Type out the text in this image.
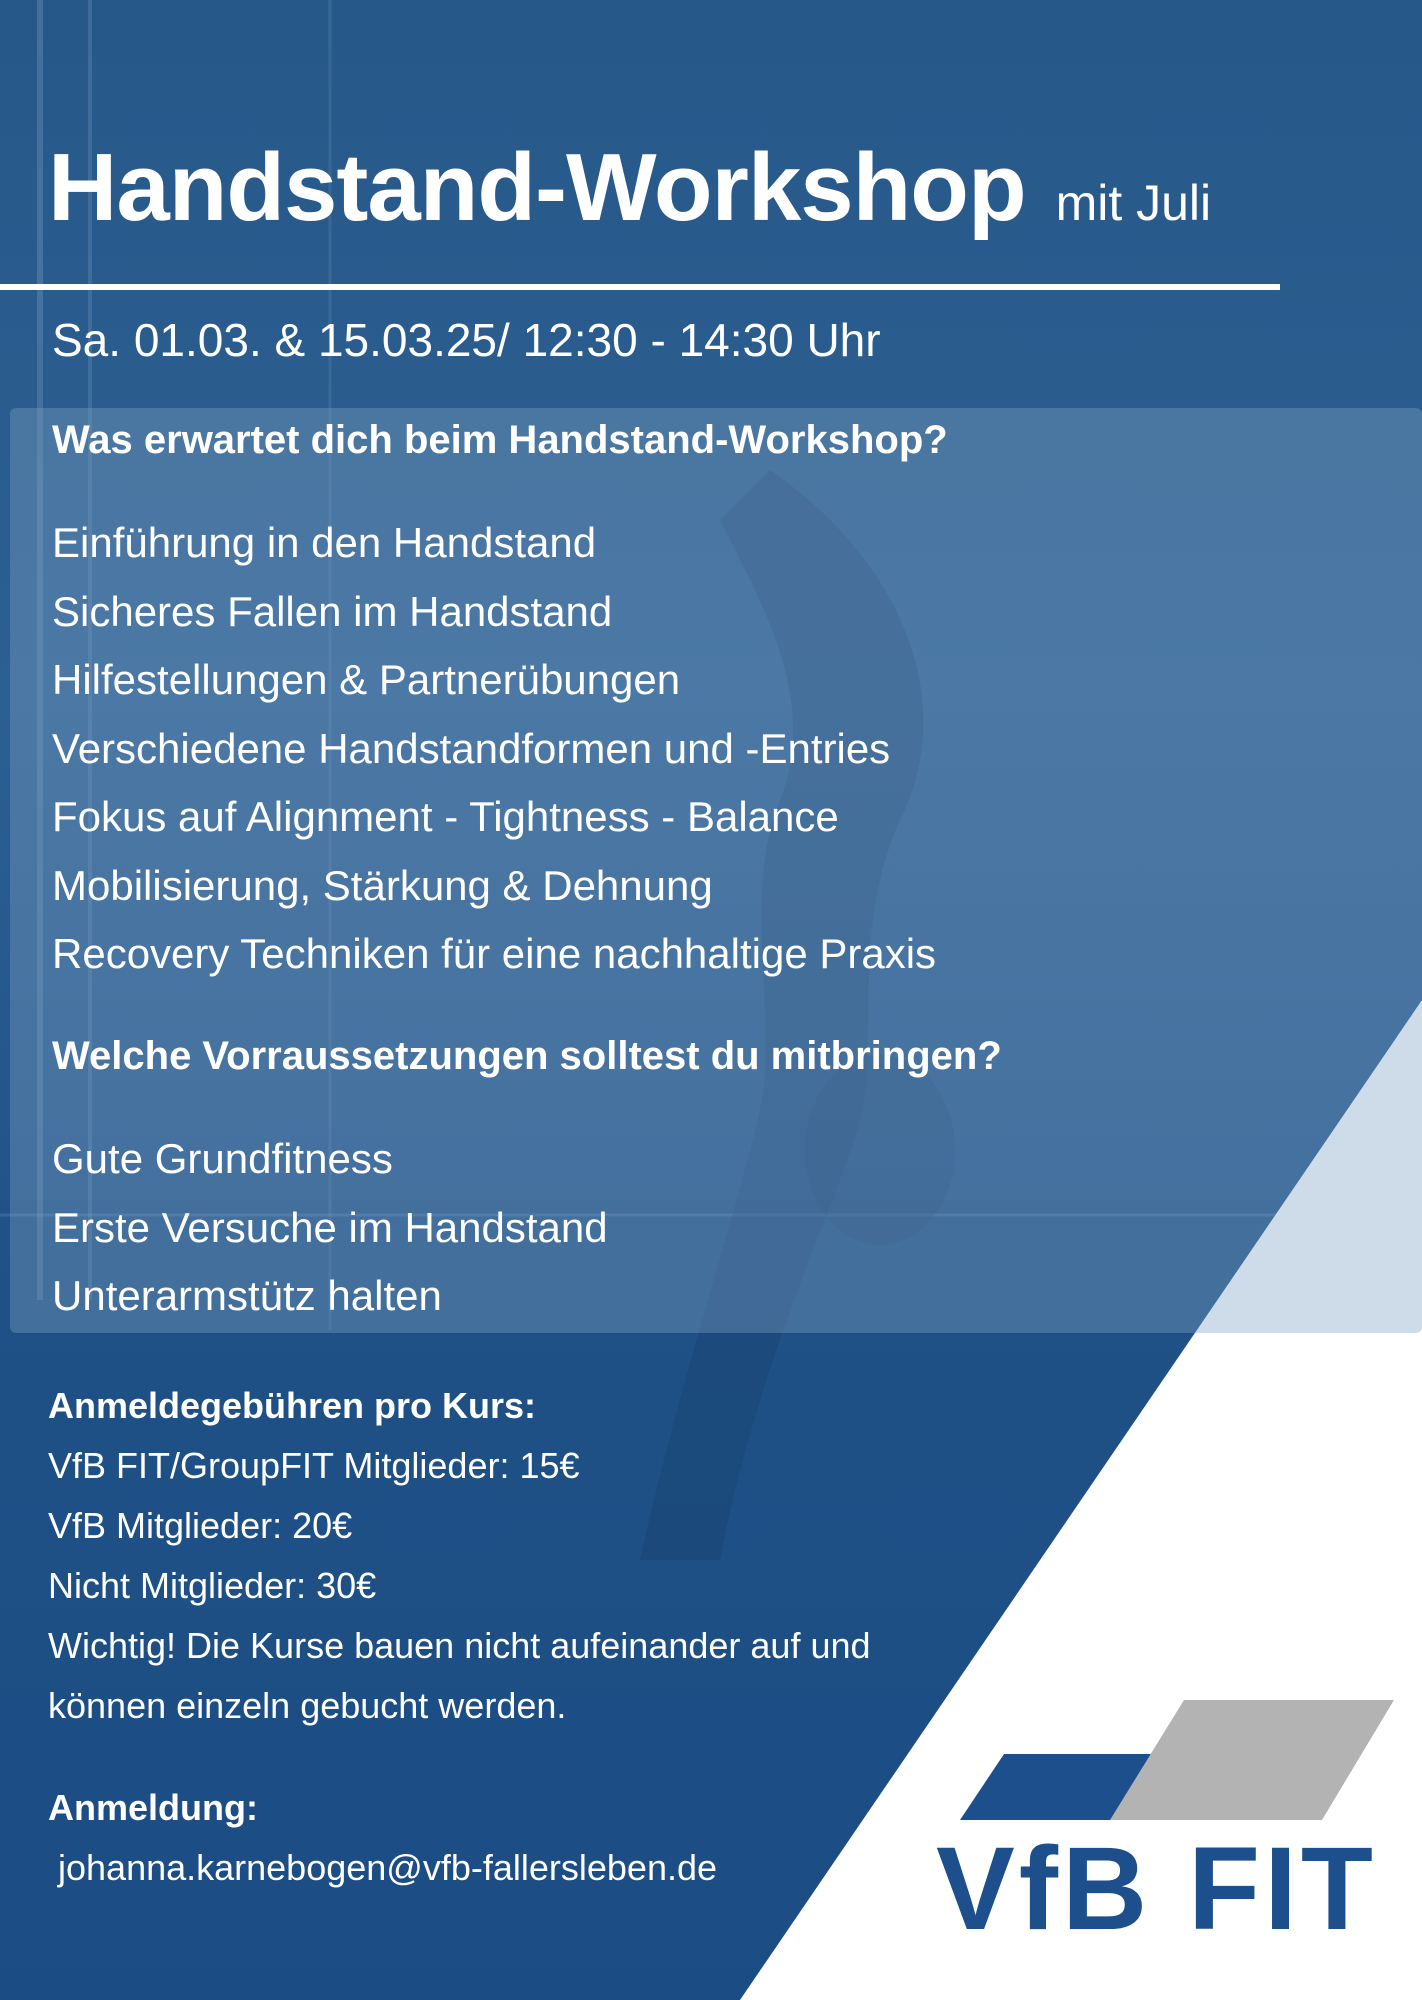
Handstand-Workshop mit Juli
Sa. 01.03. & 15.03.25/ 12:30 - 14:30 Uhr
Was erwartet dich beim Handstand-Workshop?
Einführung in den Handstand
Sicheres Fallen im Handstand
Hilfestellungen & Partnerübungen
Verschiedene Handstandformen und -Entries
Fokus auf Alignment - Tightness - Balance
Mobilisierung, Stärkung & Dehnung
Recovery Techniken für eine nachhaltige Praxis
Welche Vorraussetzungen solltest du mitbringen?
Gute Grundfitness
Erste Versuche im Handstand
Unterarmstütz halten
Anmeldegebühren pro Kurs:
VfB FIT/GroupFIT Mitglieder: 15€
VfB Mitglieder: 20€
Nicht Mitglieder: 30€
Wichtig! Die Kurse bauen nicht aufeinander auf und
können einzeln gebucht werden.
Anmeldung:
johanna.karnebogen@vfb-fallersleben.de VfB FIT
